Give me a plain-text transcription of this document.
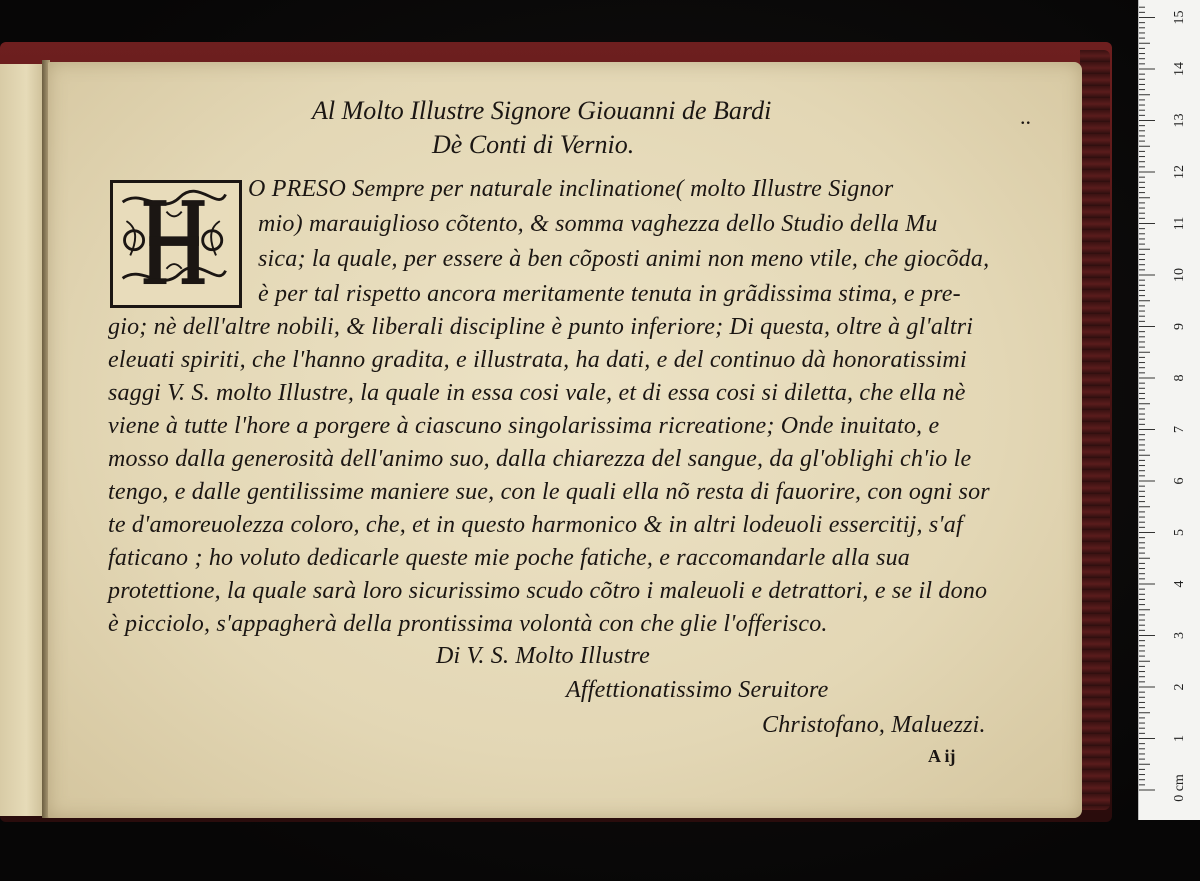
Al Molto Illustre Signore Giouanni de Bardi
Dè Conti di Vernio.
..
O PRESO Sempre per naturale inclinatione( molto Illustre Signor
mio) marauiglioso cõtento, & somma vaghezza dello Studio della Mu
sica; la quale, per essere à ben cõposti animi non meno vtile, che giocõda,
è per tal rispetto ancora meritamente tenuta in grãdissima stima, e pre-
gio; nè dell'altre nobili, & liberali discipline è punto inferiore; Di questa, oltre à gl'altri
eleuati spiriti, che l'hanno gradita, e illustrata, ha dati, e del continuo dà honoratissimi
saggi V. S. molto Illustre, la quale in essa cosi vale, et di essa cosi si diletta, che ella nè
viene à tutte l'hore a porgere à ciascuno singolarissima ricreatione; Onde inuitato, e
mosso dalla generosità dell'animo suo, dalla chiarezza del sangue, da gl'oblighi ch'io le
tengo, e dalle gentilissime maniere sue, con le quali ella nõ resta di fauorire, con ogni sor
te d'amoreuolezza coloro, che, et in questo harmonico & in altri lodeuoli essercitij, s'af
faticano ; ho voluto dedicarle queste mie poche fatiche, e raccomandarle alla sua
protettione, la quale sarà loro sicurissimo scudo cõtro i maleuoli e detrattori, e se il dono
è picciolo, s'appagherà della prontissima volontà con che glie l'offerisco.
Di V. S. Molto Illustre
Affettionatissimo Seruitore
Christofano, Maluezzi.
A ij
0 cm
1
2
3
4
5
6
7
8
9
10
11
12
13
14
15
